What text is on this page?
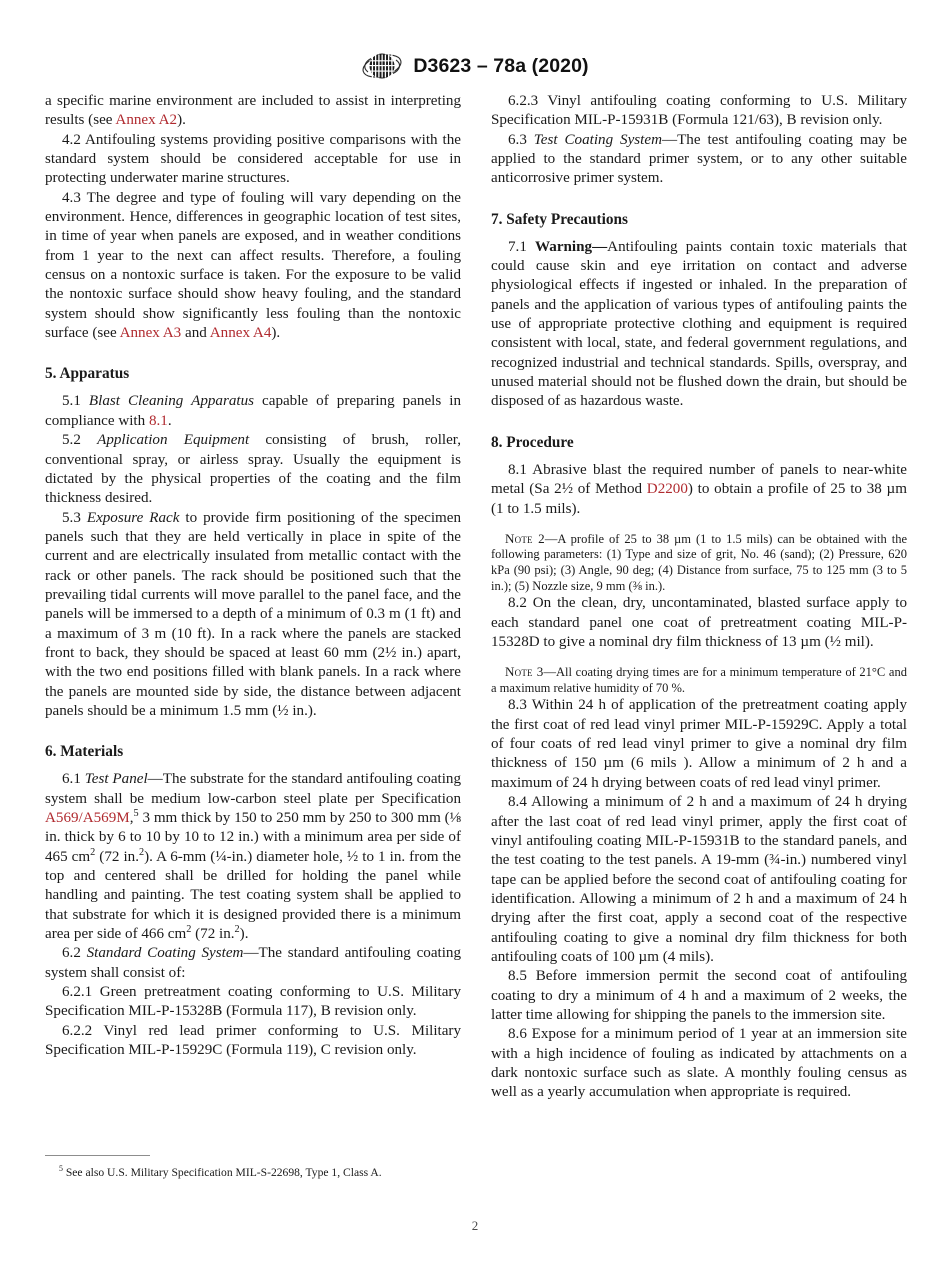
D3623 – 78a (2020)

a specific marine environment are included to assist in interpreting results (see Annex A2).

4.2 Antifouling systems providing positive comparisons with the standard system should be considered acceptable for use in protecting underwater marine structures.

4.3 The degree and type of fouling will vary depending on the environment. Hence, differences in geographic location of test sites, in time of year when panels are exposed, and in weather conditions from 1 year to the next can affect results. Therefore, a fouling census on a nontoxic surface is taken. For the exposure to be valid the nontoxic surface should show heavy fouling, and the standard system should show significantly less fouling than the nontoxic surface (see Annex A3 and Annex A4).

5. Apparatus

5.1 Blast Cleaning Apparatus capable of preparing panels in compliance with 8.1.

5.2 Application Equipment consisting of brush, roller, conventional spray, or airless spray. Usually the equipment is dictated by the physical properties of the coating and the film thickness desired.

5.3 Exposure Rack to provide firm positioning of the specimen panels such that they are held vertically in place in spite of the current and are electrically insulated from metallic contact with the rack or other panels. The rack should be positioned such that the prevailing tidal currents will move parallel to the panel face, and the panels will be immersed to a depth of a minimum of 0.3 m (1 ft) and a maximum of 3 m (10 ft). In a rack where the panels are stacked front to back, they should be spaced at least 60 mm (2½ in.) apart, with the two end positions filled with blank panels. In a rack where the panels are mounted side by side, the distance between adjacent panels should be a minimum 1.5 mm (½ in.).

6. Materials

6.1 Test Panel—The substrate for the standard antifouling coating system shall be medium low-carbon steel plate per Specification A569/A569M,$^5$ 3 mm thick by 150 to 250 mm by 250 to 300 mm (⅛ in. thick by 6 to 10 by 10 to 12 in.) with a minimum area per side of 465 $cm^2$ (72 in.$^2$). A 6-mm (¼-in.) diameter hole, ½ to 1 in. from the top and centered shall be drilled for holding the panel while handling and painting. The test coating system shall be applied to that substrate for which it is designed provided there is a minimum area per side of 466 $cm^2$ (72 in.$^2$).

6.2 Standard Coating System—The standard antifouling coating system shall consist of:

6.2.1 Green pretreatment coating conforming to U.S. Military Specification MIL-P-15328B (Formula 117), B revision only.

6.2.2 Vinyl red lead primer conforming to U.S. Military Specification MIL-P-15929C (Formula 119), C revision only.

6.2.3 Vinyl antifouling coating conforming to U.S. Military Specification MIL-P-15931B (Formula 121/63), B revision only.

6.3 Test Coating System—The test antifouling coating may be applied to the standard primer system, or to any other suitable anticorrosive primer system.

7. Safety Precautions

7.1 Warning—Antifouling paints contain toxic materials that could cause skin and eye irritation on contact and adverse physiological effects if ingested or inhaled. In the preparation of panels and the application of various types of antifouling paints the use of appropriate protective clothing and equipment is required consistent with local, state, and federal government regulations, and recognized industrial and technical standards. Spills, overspray, and unused material should not be flushed down the drain, but should be disposed of as hazardous waste.

8. Procedure

8.1 Abrasive blast the required number of panels to near-white metal (Sa 2½ of Method D2200) to obtain a profile of 25 to 38 µm (1 to 1.5 mils).

Note 2—A profile of 25 to 38 µm (1 to 1.5 mils) can be obtained with the following parameters: (1) Type and size of grit, No. 46 (sand); (2) Pressure, 620 kPa (90 psi); (3) Angle, 90 deg; (4) Distance from surface, 75 to 125 mm (3 to 5 in.); (5) Nozzle size, 9 mm (⅜ in.).

8.2 On the clean, dry, uncontaminated, blasted surface apply to each standard panel one coat of pretreatment coating MIL-P-15328D to give a nominal dry film thickness of 13 µm (½ mil).

Note 3—All coating drying times are for a minimum temperature of 21°C and a maximum relative humidity of 70 %.

8.3 Within 24 h of application of the pretreatment coating apply the first coat of red lead vinyl primer MIL-P-15929C. Apply a total of four coats of red lead vinyl primer to give a nominal dry film thickness of 150 µm (6 mils ). Allow a minimum of 2 h and a maximum of 24 h drying between coats of red lead vinyl primer.

8.4 Allowing a minimum of 2 h and a maximum of 24 h drying after the last coat of red lead vinyl primer, apply the first coat of vinyl antifouling coating MIL-P-15931B to the standard panels, and the test coating to the test panels. A 19-mm (¾-in.) numbered vinyl tape can be applied before the second coat of antifouling coating for identification. Allowing a minimum of 2 h and a maximum of 24 h drying after the first coat, apply a second coat of the respective antifouling coating to give a nominal dry film thickness for both antifouling coats of 100 µm (4 mils).

8.5 Before immersion permit the second coat of antifouling coating to dry a minimum of 4 h and a maximum of 2 weeks, the latter time allowing for shipping the panels to the immersion site.

8.6 Expose for a minimum period of 1 year at an immersion site with a high incidence of fouling as indicated by attachments on a dark nontoxic surface such as slate. A monthly fouling census as well as a yearly accumulation when appropriate is required.

$^5$ See also U.S. Military Specification MIL-S-22698, Type 1, Class A.

2
